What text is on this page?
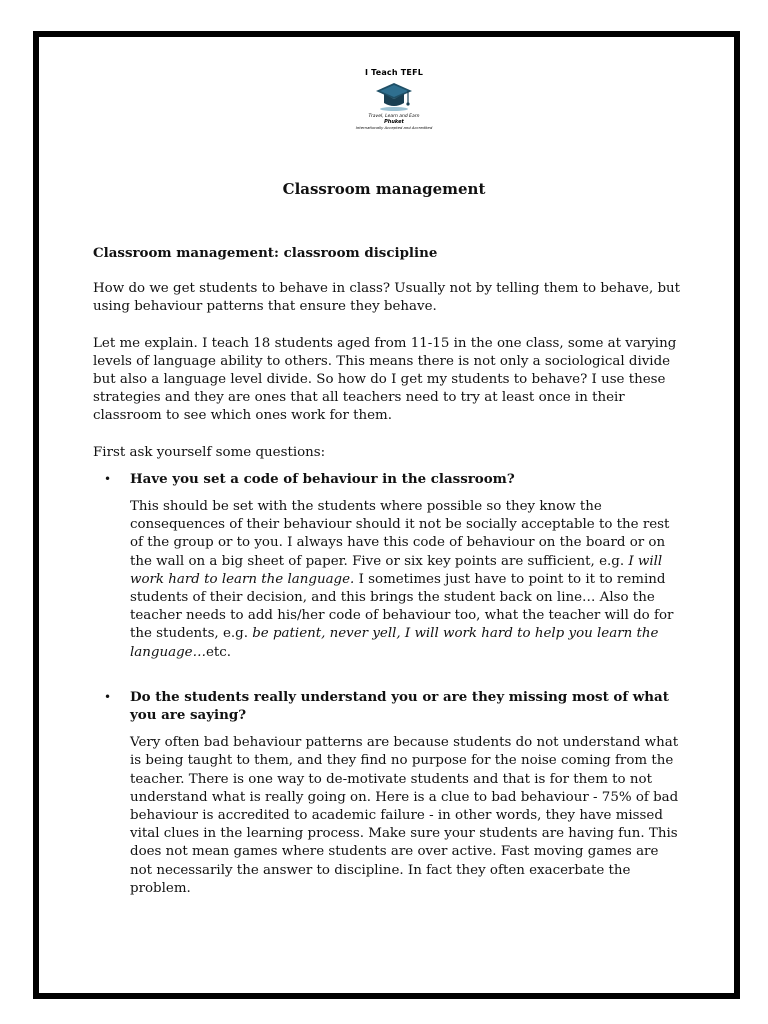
I Teach TEFL
Travel, Learn and Earn
Phuket
Internationally Accepted and Accredited
Classroom management

Classroom management: classroom discipline

How do we get students to behave in class? Usually not by telling them to behave, but using behaviour patterns that ensure they behave.

Let me explain. I teach 18 students aged from 11-15 in the one class, some at varying levels of language ability to others. This means there is not only a sociological divide but also a language level divide. So how do I get my students to behave? I use these strategies and they are ones that all teachers need to try at least once in their classroom to see which ones work for them.

First ask yourself some questions:

• Have you set a code of behaviour in the classroom?

This should be set with the students where possible so they know the consequences of their behaviour should it not be socially acceptable to the rest of the group or to you. I always have this code of behaviour on the board or on the wall on a big sheet of paper. Five or six key points are sufficient, e.g. I will work hard to learn the language. I sometimes just have to point to it to remind students of their decision, and this brings the student back on line… Also the teacher needs to add his/her code of behaviour too, what the teacher will do for the students, e.g. be patient, never yell, I will work hard to help you learn the language…etc.

• Do the students really understand you or are they missing most of what you are saying?

Very often bad behaviour patterns are because students do not understand what is being taught to them, and they find no purpose for the noise coming from the teacher. There is one way to de-motivate students and that is for them to not understand what is really going on. Here is a clue to bad behaviour - 75% of bad behaviour is accredited to academic failure - in other words, they have missed vital clues in the learning process. Make sure your students are having fun. This does not mean games where students are over active. Fast moving games are not necessarily the answer to discipline. In fact they often exacerbate the problem.
